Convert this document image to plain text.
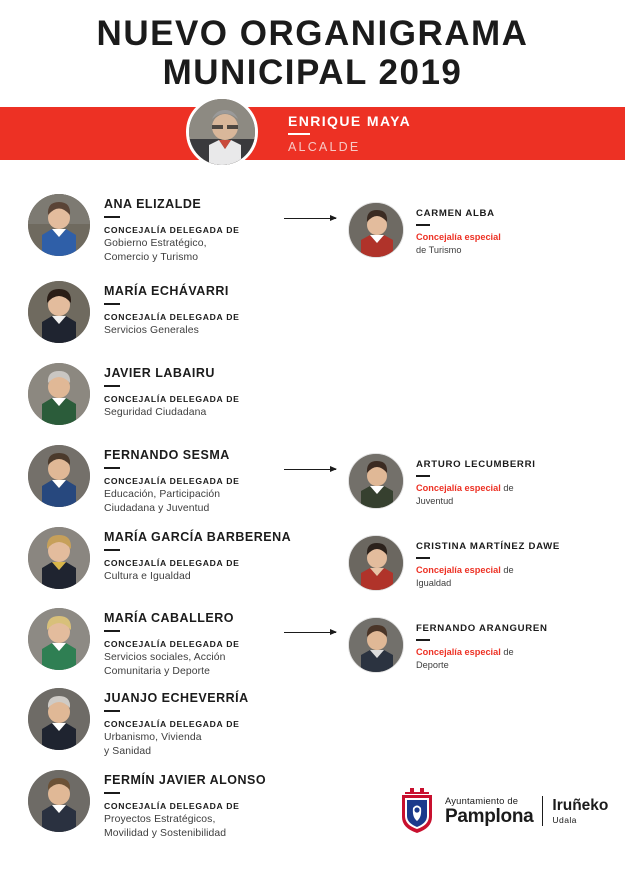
NUEVO ORGANIGRAMA
MUNICIPAL 2019
ENRIQUE MAYA
ALCALDE
ANA ELIZALDE
CONCEJALÍA DELEGADA DE
Gobierno Estratégico,
Comercio y Turismo
CARMEN ALBA
Concejalía especial
de Turismo
MARÍA ECHÁVARRI
CONCEJALÍA DELEGADA DE
Servicios Generales
JAVIER LABAIRU
CONCEJALÍA DELEGADA DE
Seguridad Ciudadana
FERNANDO SESMA
CONCEJALÍA DELEGADA DE
Educación, Participación
Ciudadana y Juventud
ARTURO LECUMBERRI
Concejalía especial de
Juventud
MARÍA GARCÍA BARBERENA
CONCEJALÍA DELEGADA DE
Cultura e Igualdad
CRISTINA MARTÍNEZ DAWE
Concejalía especial de
Igualdad
MARÍA CABALLERO
CONCEJALÍA DELEGADA DE
Servicios sociales, Acción
Comunitaria y Deporte
FERNANDO ARANGUREN
Concejalía especial de
Deporte
JUANJO ECHEVERRÍA
CONCEJALÍA DELEGADA DE
Urbanismo, Vivienda
y Sanidad
FERMÍN JAVIER ALONSO
CONCEJALÍA DELEGADA DE
Proyectos Estratégicos,
Movilidad y Sostenibilidad
Ayuntamiento de
Pamplona Iruñeko
Udala
